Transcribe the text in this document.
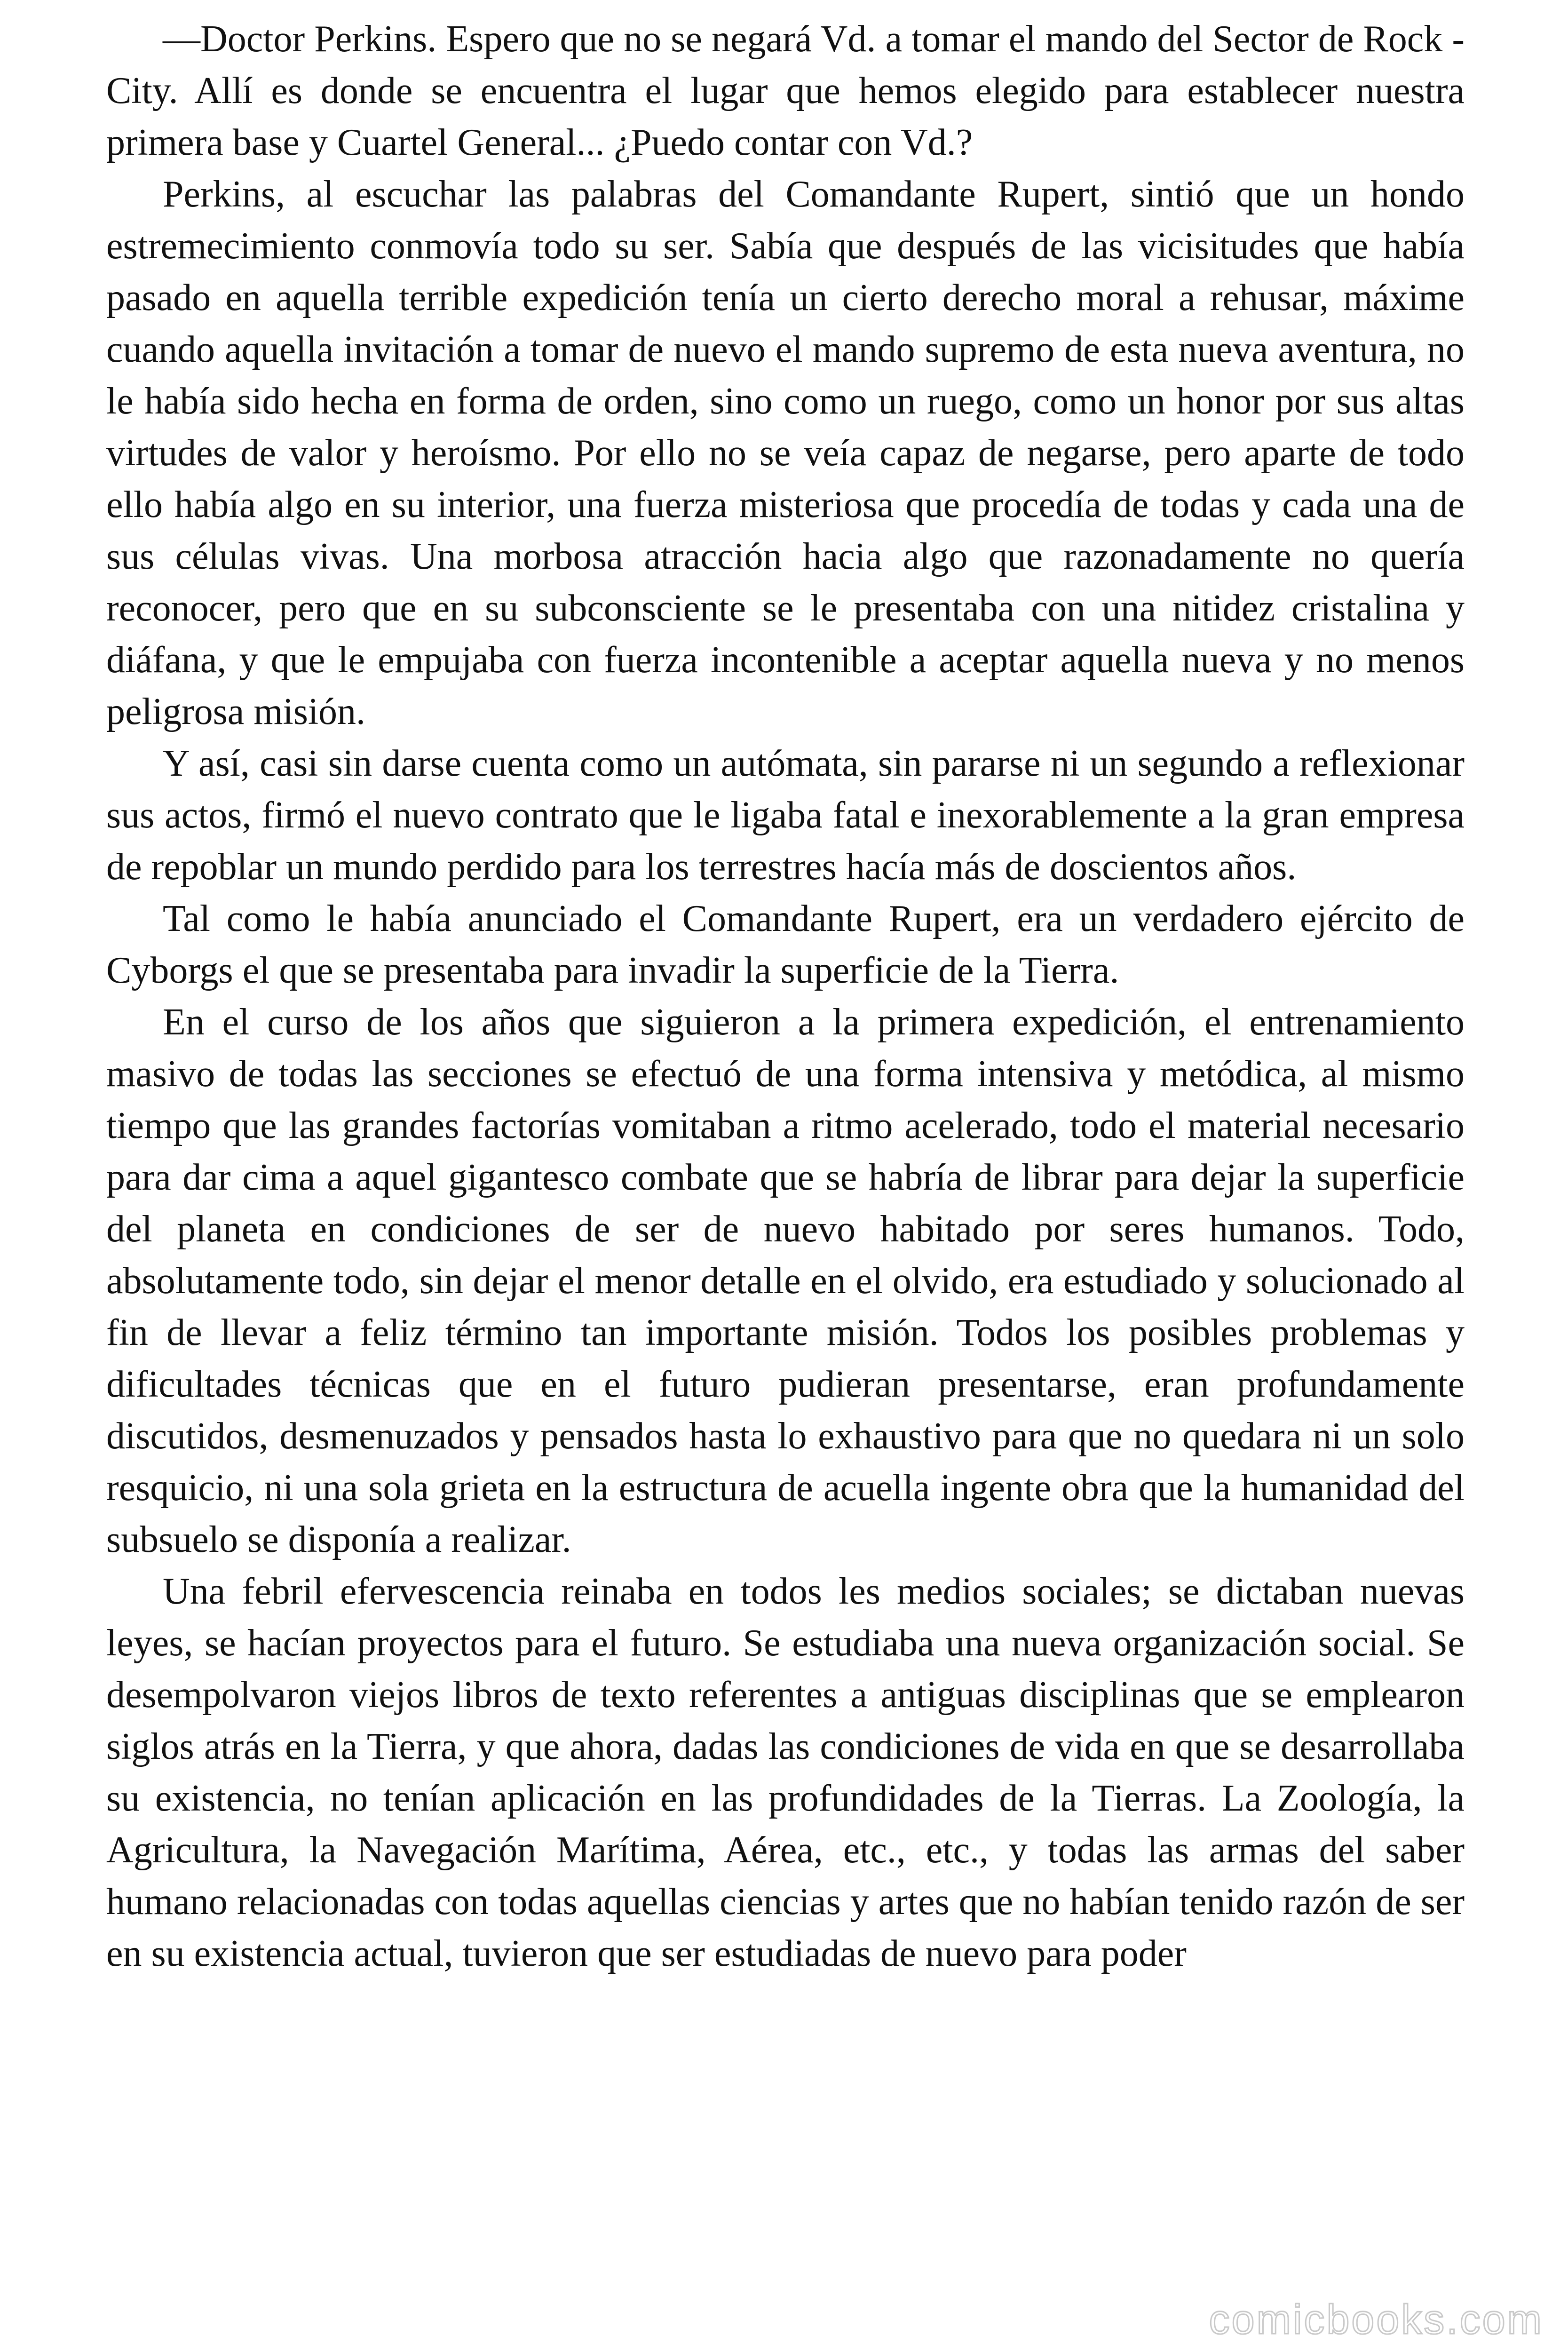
—Doctor Perkins. Espero que no se negará Vd. a tomar el mando del Sector de Rock - City. Allí es donde se encuentra el lugar que hemos elegido para establecer nuestra primera base y Cuartel General... ¿Puedo contar con Vd.?

Perkins, al escuchar las palabras del Comandante Rupert, sintió que un hondo estremecimiento conmovía todo su ser. Sabía que después de las vicisitudes que había pasado en aquella terrible expedición tenía un cierto derecho moral a rehusar, máxime cuando aquella invitación a tomar de nuevo el mando supremo de esta nueva aventura, no le había sido hecha en forma de orden, sino como un ruego, como un honor por sus altas virtudes de valor y heroísmo. Por ello no se veía capaz de negarse, pero aparte de todo ello había algo en su interior, una fuerza misteriosa que procedía de todas y cada una de sus células vivas. Una morbosa atracción hacia algo que razonadamente no quería reconocer, pero que en su subconsciente se le presentaba con una nitidez cristalina y diáfana, y que le empujaba con fuerza incontenible a aceptar aquella nueva y no menos peligrosa misión.

Y así, casi sin darse cuenta como un autómata, sin pararse ni un segundo a reflexionar sus actos, firmó el nuevo contrato que le ligaba fatal e inexorablemente a la gran empresa de repoblar un mundo perdido para los terrestres hacía más de doscientos años.

Tal como le había anunciado el Comandante Rupert, era un verdadero ejército de Cyborgs el que se presentaba para invadir la superficie de la Tierra.

En el curso de los años que siguieron a la primera expedición, el entrenamiento masivo de todas las secciones se efectuó de una forma intensiva y metódica, al mismo tiempo que las grandes factorías vomitaban a ritmo acelerado, todo el material necesario para dar cima a aquel gigantesco combate que se habría de librar para dejar la superficie del planeta en condiciones de ser de nuevo habitado por seres humanos. Todo, absolutamente todo, sin dejar el menor detalle en el olvido, era estudiado y solucionado al fin de llevar a feliz término tan importante misión. Todos los posibles problemas y dificultades técnicas que en el futuro pudieran presentarse, eran profundamente discutidos, desmenuzados y pensados hasta lo exhaustivo para que no quedara ni un solo resquicio, ni una sola grieta en la estructura de acuella ingente obra que la humanidad del subsuelo se disponía a realizar.

Una febril efervescencia reinaba en todos les medios sociales; se dictaban nuevas leyes, se hacían proyectos para el futuro. Se estudiaba una nueva organización social. Se desempolvaron viejos libros de texto referentes a antiguas disciplinas que se emplearon siglos atrás en la Tierra, y que ahora, dadas las condiciones de vida en que se desarrollaba su existencia, no tenían aplicación en las profundidades de la Tierras. La Zoología, la Agricultura, la Navegación Marítima, Aérea, etc., etc., y todas las armas del saber humano relacionadas con todas aquellas ciencias y artes que no habían tenido razón de ser en su existencia actual, tuvieron que ser estudiadas de nuevo para poder

comicbooks.com
